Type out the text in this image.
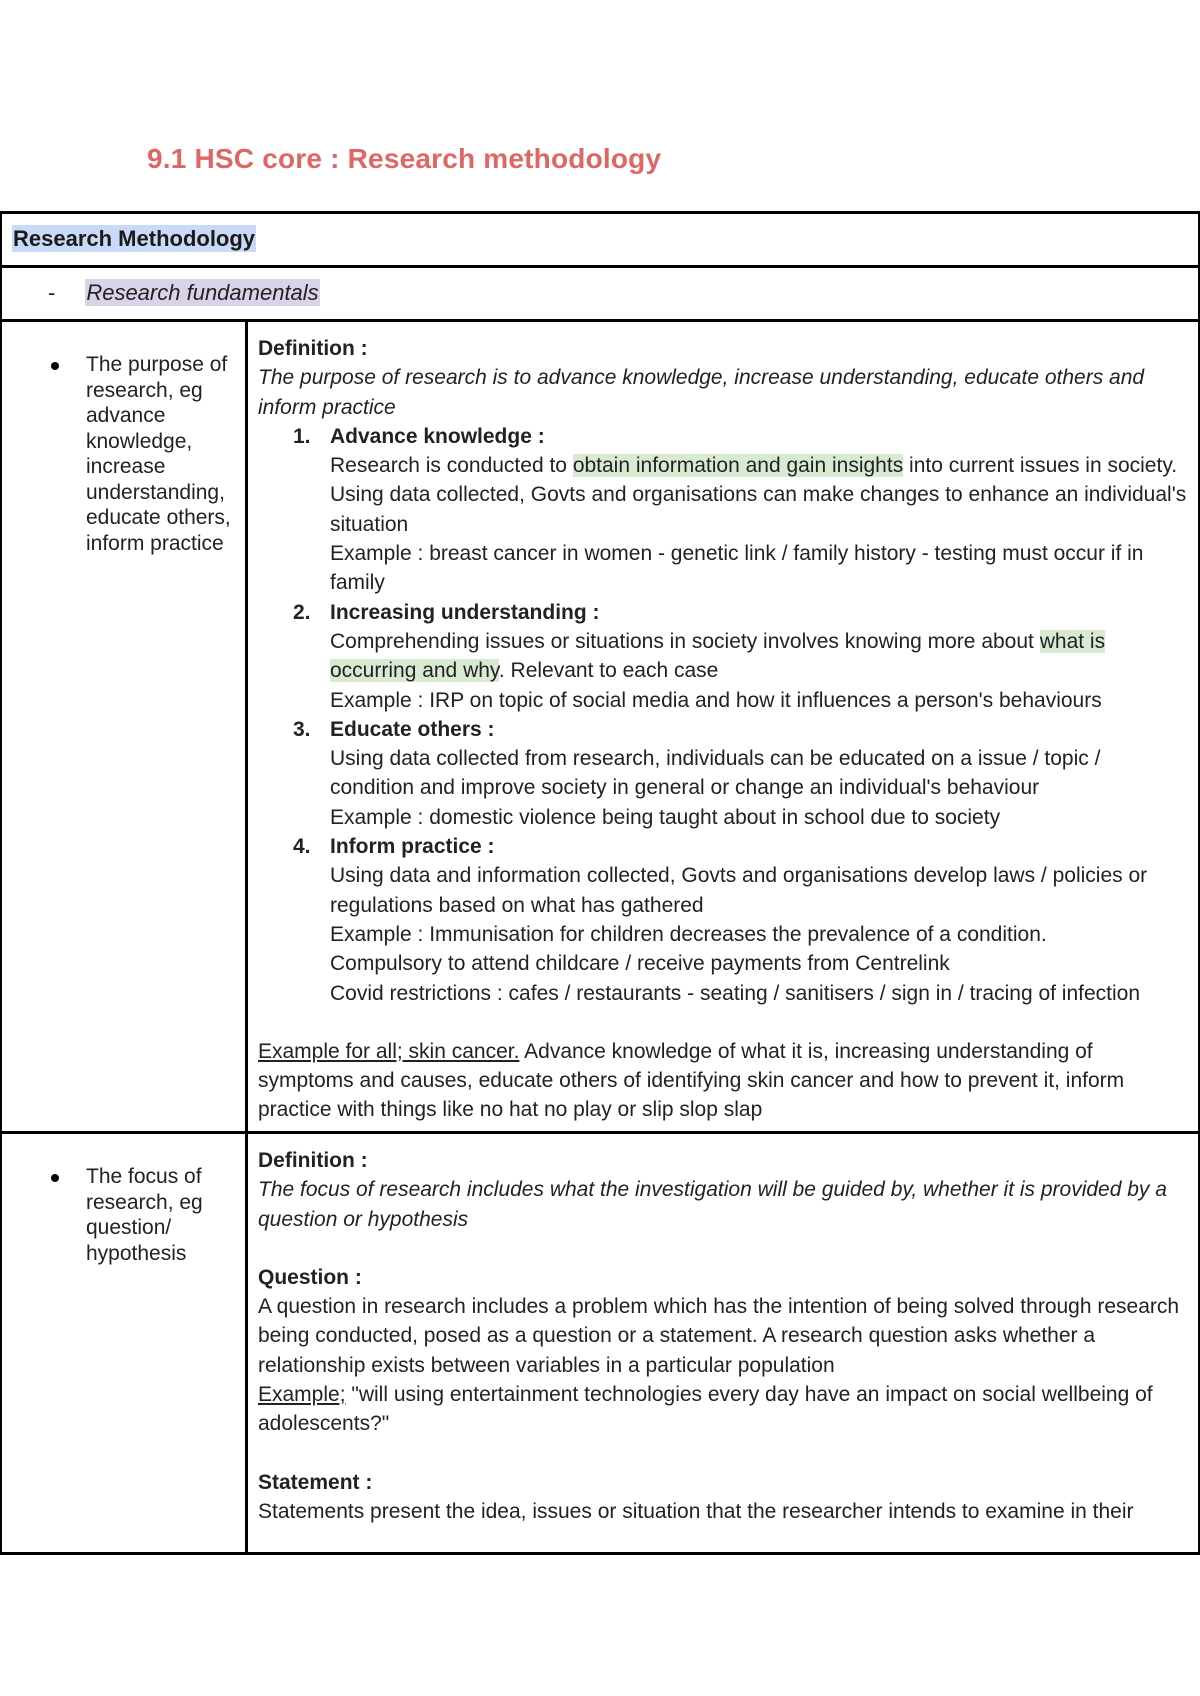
9.1 HSC core : Research methodology
Research Methodology
- Research fundamentals
The purpose of research, eg advance knowledge, increase understanding, educate others, inform practice
Definition :
The purpose of research is to advance knowledge, increase understanding, educate others and inform practice
1. Advance knowledge :
Research is conducted to obtain information and gain insights into current issues in society. Using data collected, Govts and organisations can make changes to enhance an individual's situation
Example : breast cancer in women - genetic link / family history - testing must occur if in family
2. Increasing understanding :
Comprehending issues or situations in society involves knowing more about what is occurring and why. Relevant to each case
Example : IRP on topic of social media and how it influences a person's behaviours
3. Educate others :
Using data collected from research, individuals can be educated on a issue / topic / condition and improve society in general or change an individual's behaviour
Example : domestic violence being taught about in school due to society
4. Inform practice :
Using data and information collected, Govts and organisations develop laws / policies or regulations based on what has gathered
Example : Immunisation for children decreases the prevalence of a condition.
Compulsory to attend childcare / receive payments from Centrelink
Covid restrictions : cafes / restaurants - seating / sanitisers / sign in / tracing of infection
Example for all; skin cancer. Advance knowledge of what it is, increasing understanding of symptoms and causes, educate others of identifying skin cancer and how to prevent it, inform practice with things like no hat no play or slip slop slap
The focus of research, eg question/ hypothesis
Definition :
The focus of research includes what the investigation will be guided by, whether it is provided by a question or hypothesis
Question :
A question in research includes a problem which has the intention of being solved through research being conducted, posed as a question or a statement. A research question asks whether a relationship exists between variables in a particular population
Example; "will using entertainment technologies every day have an impact on social wellbeing of adolescents?"
Statement :
Statements present the idea, issues or situation that the researcher intends to examine in their
